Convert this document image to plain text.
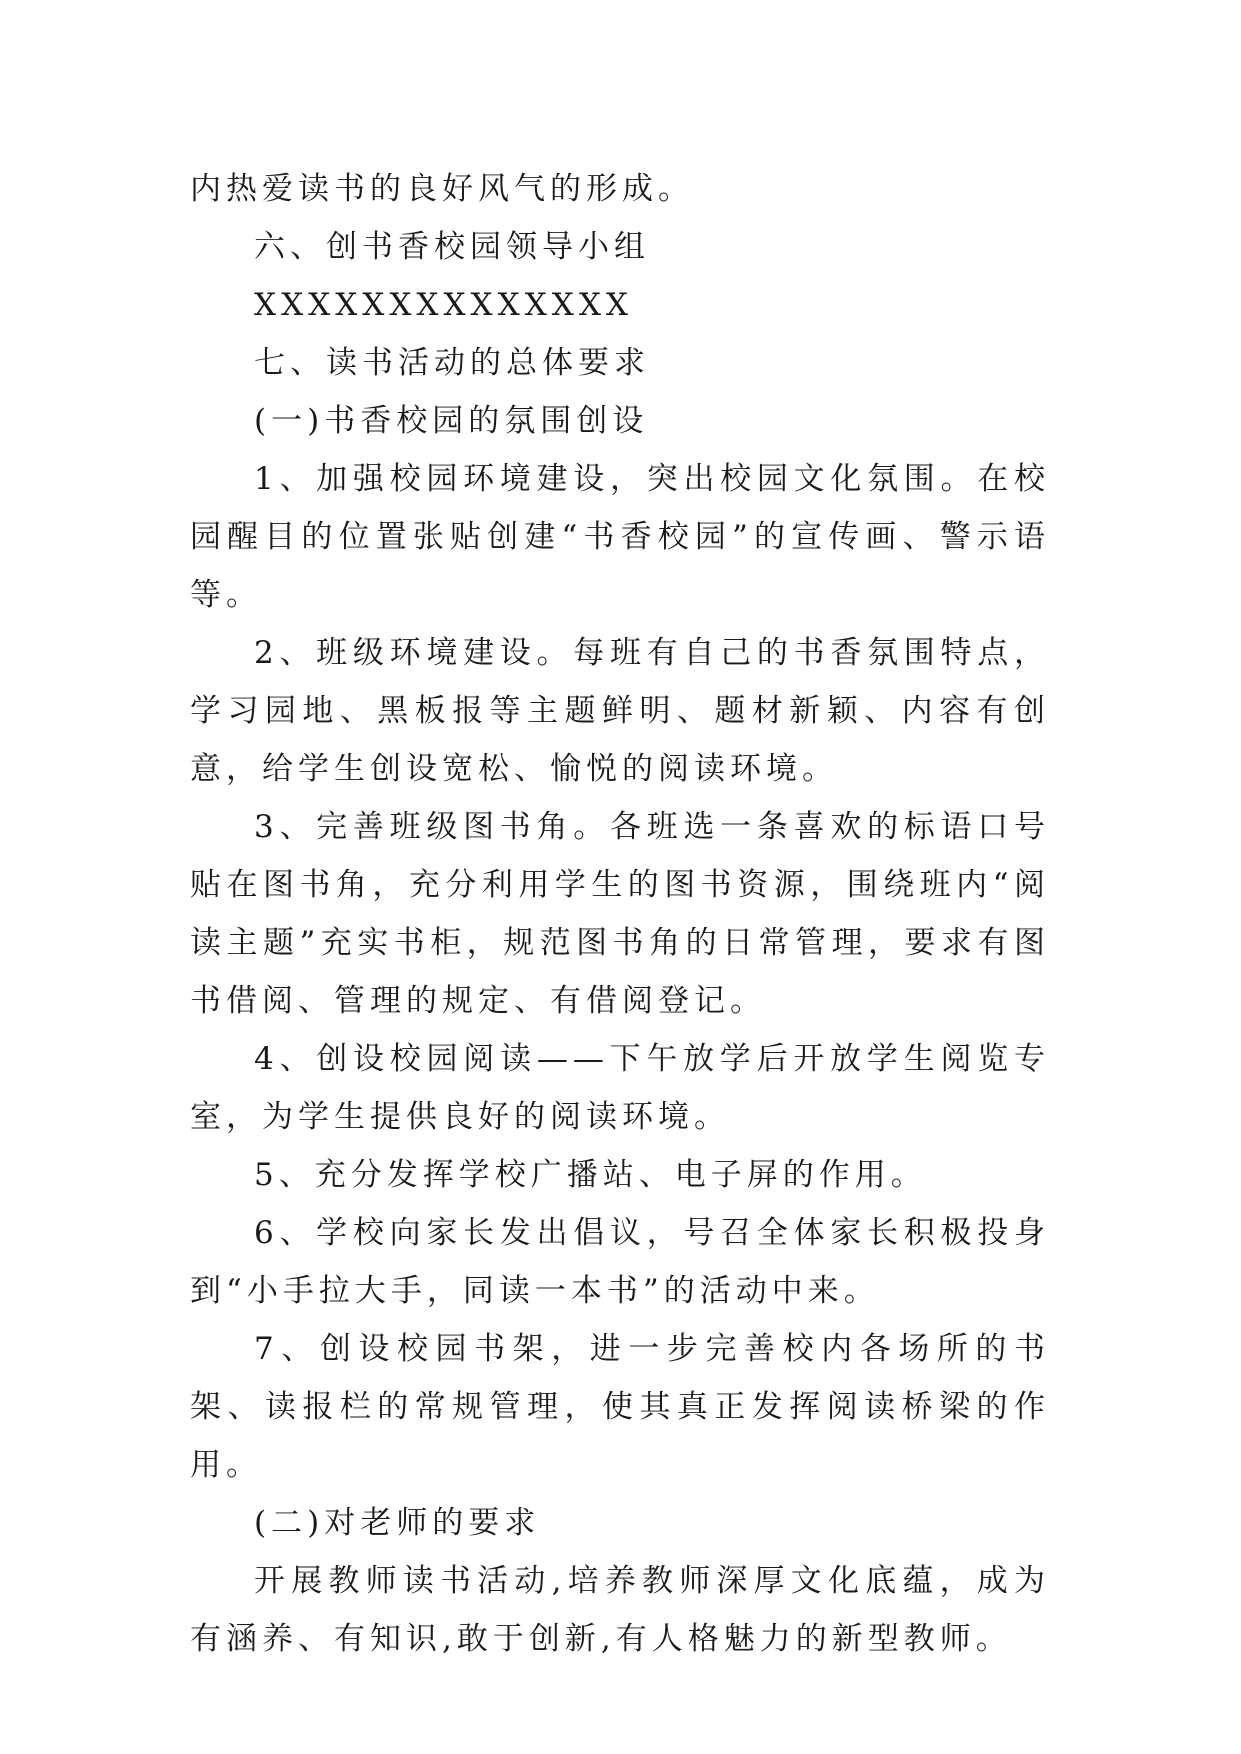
内热爱读书的良好风气的形成。

六、创书香校园领导小组

XXXXXXXXXXXXXX

七、读书活动的总体要求

(一)书香校园的氛围创设

1、加强校园环境建设，突出校园文化氛围。在校园醒目的位置张贴创建“书香校园”的宣传画、警示语等。

2、班级环境建设。每班有自己的书香氛围特点，学习园地、黑板报等主题鲜明、题材新颖、内容有创意，给学生创设宽松、愉悦的阅读环境。

3、完善班级图书角。各班选一条喜欢的标语口号贴在图书角，充分利用学生的图书资源，围绕班内“阅读主题”充实书柜，规范图书角的日常管理，要求有图书借阅、管理的规定、有借阅登记。

4、创设校园阅读——下午放学后开放学生阅览专室，为学生提供良好的阅读环境。

5、充分发挥学校广播站、电子屏的作用。

6、学校向家长发出倡议，号召全体家长积极投身到“小手拉大手，同读一本书”的活动中来。

7、创设校园书架，进一步完善校内各场所的书架、读报栏的常规管理，使其真正发挥阅读桥梁的作用。

(二)对老师的要求

开展教师读书活动,培养教师深厚文化底蕴，成为有涵养、有知识,敢于创新,有人格魅力的新型教师。
